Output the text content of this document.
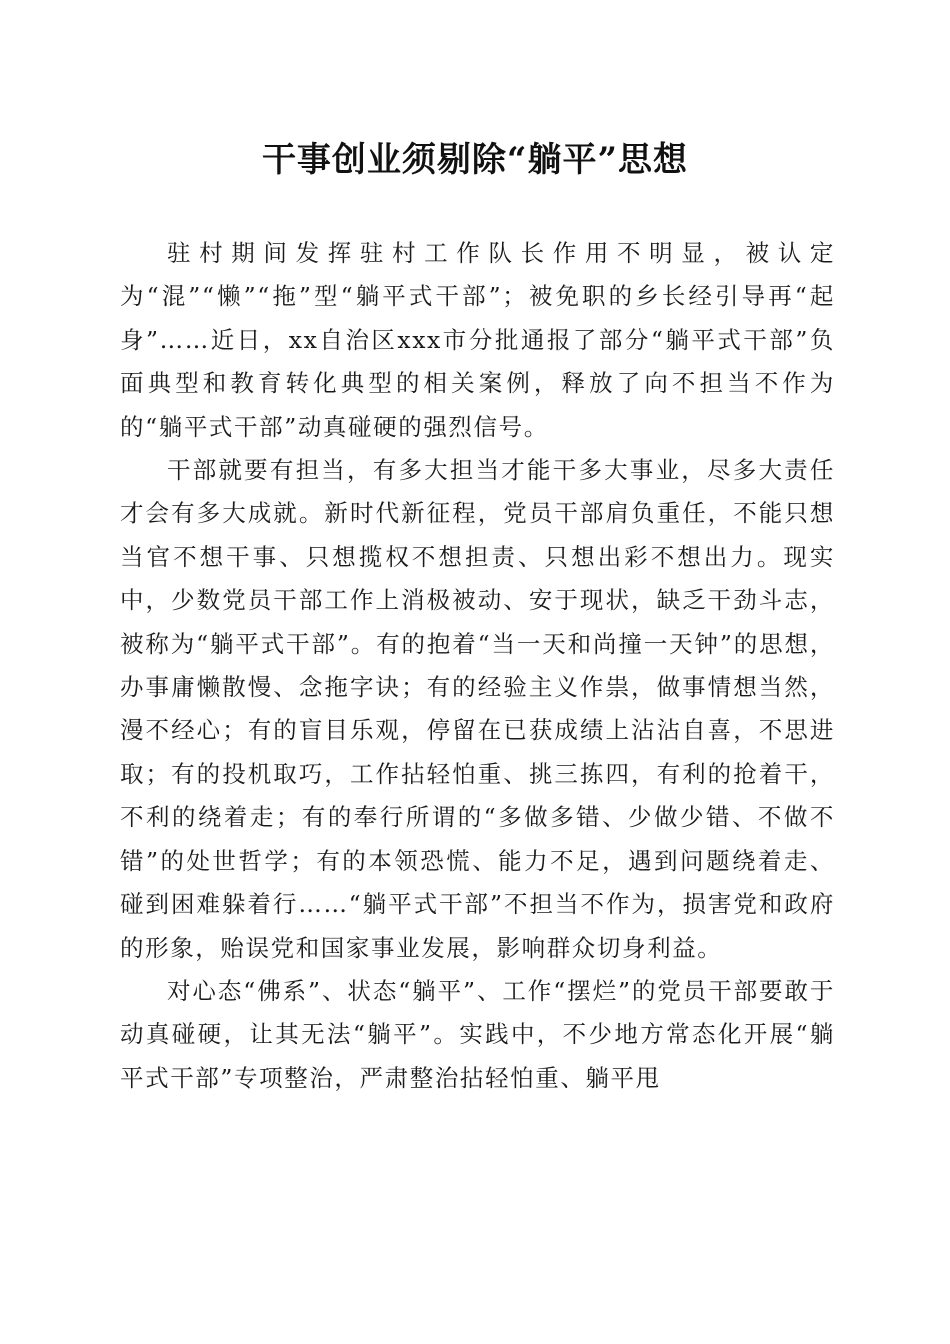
干事创业须剔除“躺平”思想

驻村期间发挥驻村工作队长作用不明显，被认定为“混”“懒”“拖”型“躺平式干部”；被免职的乡长经引导再“起身”……近日，xx自治区xxx市分批通报了部分“躺平式干部”负面典型和教育转化典型的相关案例，释放了向不担当不作为的“躺平式干部”动真碰硬的强烈信号。

干部就要有担当，有多大担当才能干多大事业，尽多大责任才会有多大成就。新时代新征程，党员干部肩负重任，不能只想当官不想干事、只想揽权不想担责、只想出彩不想出力。现实中，少数党员干部工作上消极被动、安于现状，缺乏干劲斗志，被称为“躺平式干部”。有的抱着“当一天和尚撞一天钟”的思想，办事庸懒散慢、念拖字诀；有的经验主义作祟，做事情想当然，漫不经心；有的盲目乐观，停留在已获成绩上沾沾自喜，不思进取；有的投机取巧，工作拈轻怕重、挑三拣四，有利的抢着干，不利的绕着走；有的奉行所谓的“多做多错、少做少错、不做不错”的处世哲学；有的本领恐慌、能力不足，遇到问题绕着走、碰到困难躲着行……“躺平式干部”不担当不作为，损害党和政府的形象，贻误党和国家事业发展，影响群众切身利益。

对心态“佛系”、状态“躺平”、工作“摆烂”的党员干部要敢于动真碰硬，让其无法“躺平”。实践中，不少地方常态化开展“躺平式干部”专项整治，严肃整治拈轻怕重、躺平甩
